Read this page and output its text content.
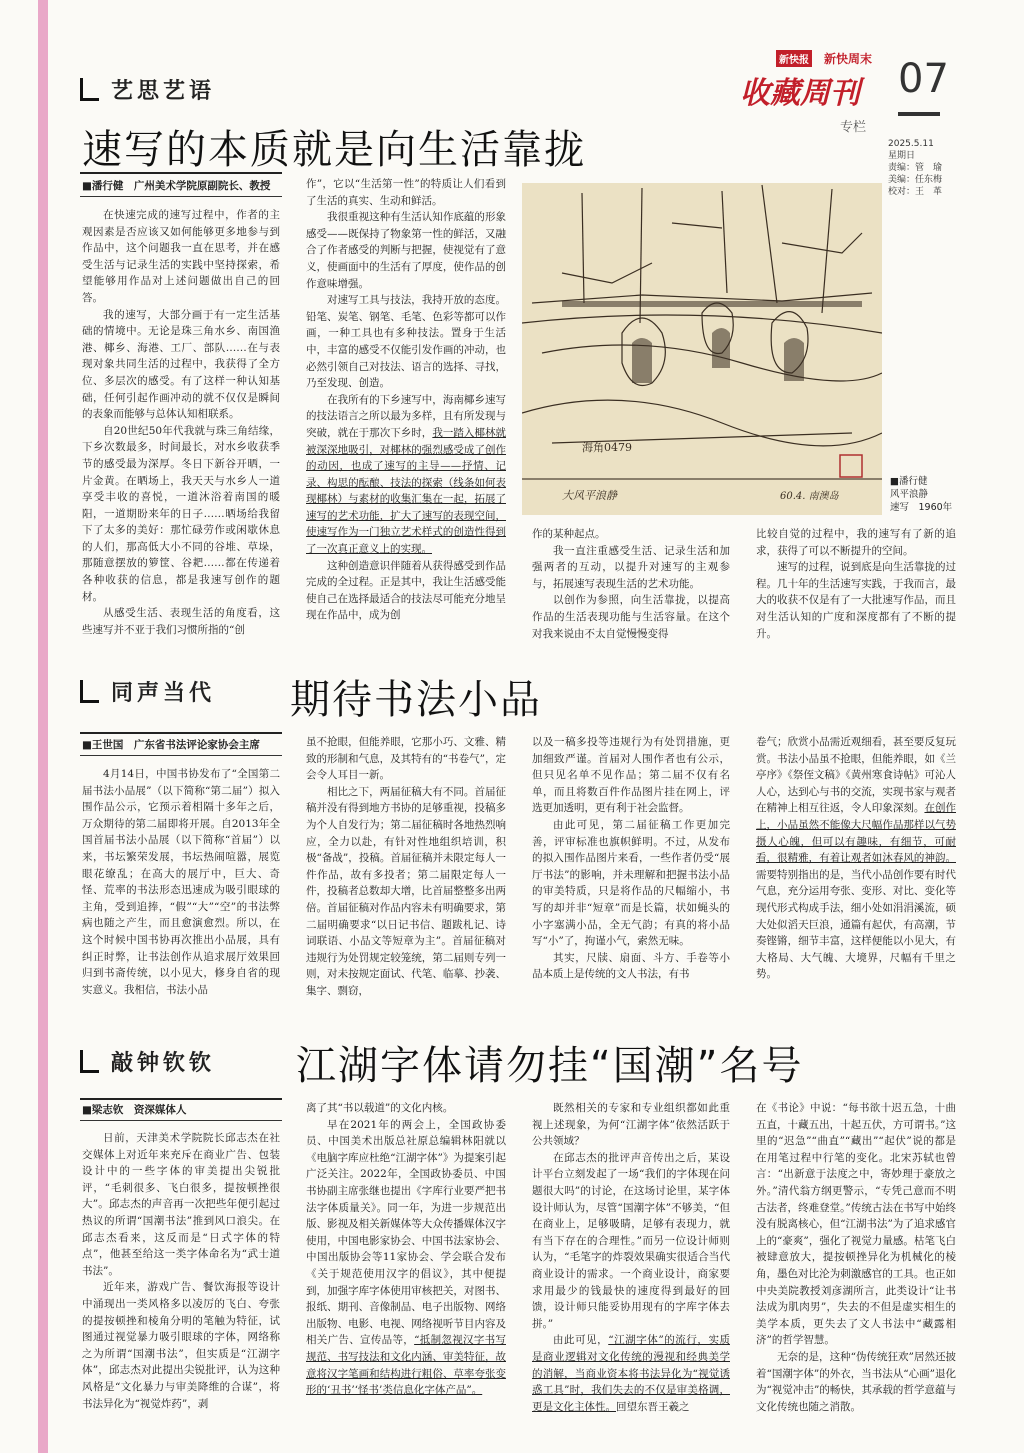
新快报 新快周末
收藏周刊 07
专栏
2025.5.11
星期日
责编：管　瑜
美编：任东梅
校对：王　革
艺思艺语
速写的本质就是向生活靠拢
■潘行健　广州美术学院原副院长、教授

在快速完成的速写过程中，作者的主观因素是否应该又如何能够更多地参与到作品中，这个问题我一直在思考，并在感受生活与记录生活的实践中坚持探索，希望能够用作品对上述问题做出自己的回答。

我的速写，大部分画于有一定生活基础的情境中。无论是珠三角水乡、南国渔港、椰乡、海港、工厂、部队……在与表现对象共同生活的过程中，我获得了全方位、多层次的感受。有了这样一种认知基础，任何引起作画冲动的就不仅仅是瞬间的表象而能够与总体认知相联系。

自20世纪50年代我就与珠三角结缘，下乡次数最多，时间最长，对水乡收获季节的感受最为深厚。冬日下新谷开晒，一片金黄。在晒场上，我天天与水乡人一道享受丰收的喜悦，一道沐浴着南国的暖阳，一道期盼来年的日子……晒场给我留下了太多的美好：那忙碌劳作或闲歇休息的人们，那高低大小不同的谷堆、草垛，那随意摆放的箩筐、谷耙……都在传递着各种收获的信息，都是我速写创作的题材。

从感受生活、表现生活的角度看，这些速写并不亚于我们习惯所指的“创

作”，它以“生活第一性”的特质让人们看到了生活的真实、生动和鲜活。

我很重视这种有生活认知作底蕴的形象感受——既保持了物象第一性的鲜活，又融合了作者感受的判断与把握，使视觉有了意义，使画面中的生活有了厚度，使作品的创作意味增强。

对速写工具与技法，我持开放的态度。铅笔、炭笔、钢笔、毛笔、色彩等都可以作画，一种工具也有多种技法。置身于生活中，丰富的感受不仅能引发作画的冲动，也必然引领自己对技法、语言的选择、寻找，乃至发现、创造。

在我所有的下乡速写中，海南椰乡速写的技法语言之所以最为多样，且有所发现与突破，就在于那次下乡时，我一踏入椰林就被深深地吸引，对椰林的强烈感受成了创作的动因，也成了速写的主导——抒情、记录、构思的酝酿、技法的探索（线条如何表现椰林）与素材的收集汇集在一起，拓展了速写的艺术功能，扩大了速写的表现空间，使速写作为一门独立艺术样式的创造性得到了一次真正意义上的实现。

这种创造意识伴随着从获得感受到作品完成的全过程。正是其中，我让生活感受能使自己在选择最适合的技法尽可能充分地呈现在作品中，成为创

海角0479
大风平浪静	60.4. 南澳岛
■潘行健
风平浪静
速写　1960年

作的某种起点。

我一直注重感受生活、记录生活和加强两者的互动，以提升对速写的主观参与，拓展速写表现生活的艺术功能。

以创作为参照，向生活靠拢，以提高作品的生活表现功能与生活容量。在这个对我来说由不太自觉慢慢变得

比较自觉的过程中，我的速写有了新的追求，获得了可以不断提升的空间。

速写的过程，说到底是向生活靠拢的过程。几十年的生活速写实践，于我而言，最大的收获不仅是有了一大批速写作品，而且对生活认知的广度和深度都有了不断的提升。

同声当代 期待书法小品
■王世国　广东省书法评论家协会主席

4月14日，中国书协发布了“全国第二届书法小品展”（以下简称“第二届”）拟入围作品公示，它预示着相隔十多年之后，万众期待的第二届即将开展。自2013年全国首届书法小品展（以下简称“首届”）以来，书坛繁荣发展，书坛热闹喧嚣，展览眼花缭乱；在高大的展厅中，巨大、奇怪、荒率的书法形态迅速成为吸引眼球的主角，受到追捧，“假”“大”“空”的书法弊病也随之产生，而且愈演愈烈。所以，在这个时候中国书协再次推出小品展，具有纠正时弊，让书法创作从追求展厅效果回归到书斋传统，以小见大，修身自省的现实意义。我相信，书法小品

虽不抢眼，但能养眼，它那小巧、文雅、精致的形制和气息，及其特有的“书卷气”，定会令人耳目一新。

相比之下，两届征稿大有不同。首届征稿并没有得到地方书协的足够重视，投稿多为个人自发行为；第二届征稿时各地热烈响应，全力以赴，有针对性地组织培训，积极“备战”，投稿。首届征稿并未限定每人一件作品，故有多投者；第二届限定每人一件，投稿者总数却大增，比首届整整多出两倍。首届征稿对作品内容未有明确要求，第二届明确要求“以日记书信、题跋札记、诗词联语、小品文等短章为主”。首届征稿对违规行为处罚规定较笼统，第二届则专列一则，对未按规定面试、代笔、临摹、抄袭、集字、剽窃，

以及一稿多投等违规行为有处罚措施，更加细致严谨。首届对人围作者也有公示，但只见名单不见作品；第二届不仅有名单，而且将数百件作品图片挂在网上，评选更加透明，更有利于社会监督。

由此可见，第二届征稿工作更加完善，评审标准也旗帜鲜明。不过，从发布的拟入围作品图片来看，一些作者仍受“展厅书法”的影响，并未理解和把握书法小品的审美特质，只是将作品的尺幅缩小，书写的却并非“短章”而是长篇，状如蝇头的小字塞满小品，全无气韵；有真的将小品写“小”了，拘谨小气，索然无味。

其实，尺牍、扇面、斗方、手卷等小品本质上是传统的文人书法，有书

卷气；欣赏小品需近观细看，甚至要反复玩赏。书法小品虽不抢眼，但能养眼，如《兰亭序》《祭侄文稿》《黄州寒食诗帖》可沁人人心，达到心与书的交流，实现书家与观者在精神上相互往返，令人印象深刻。在创作上，小品虽然不能像大尺幅作品那样以气势摄人心魄，但可以有趣味，有细节，可耐看，很精雅，有着让观者如沐春风的神韵。需要特别指出的是，当代小品创作要有时代气息，充分运用夸张、变形、对比、变化等现代形式构成手法，细小处如涓涓溪流，硕大处似滔天巨浪，通篇有起伏，有高潮，节奏铿锵，细节丰富，这样便能以小见大，有大格局、大气魄、大境界，尺幅有千里之势。

敲钟钦钦 江湖字体请勿挂“国潮”名号
■梁志钦　资深媒体人

日前，天津美术学院院长邱志杰在社交媒体上对近年来充斥在商业广告、包装设计中的一些字体的审美提出尖锐批评，“毛刺很多、飞白很多，提按顿挫很大”。邱志杰的声音再一次把些年便引起过热议的所谓“国潮书法”推到风口浪尖。在邱志杰看来，这反而是“日式字体的特点”，他甚至给这一类字体命名为“武士道书法”。

近年来，游戏广告、餐饮海报等设计中涌现出一类风格多以凌厉的飞白、夸张的提按顿挫和棱角分明的笔触为特征，试图通过视觉暴力吸引眼球的字体，网络称之为所谓“国潮书法”，但实质是“江湖字体”，邱志杰对此提出尖锐批评，认为这种风格是“文化暴力与审美降维的合谋”，将书法异化为“视觉炸药”，剥

离了其“书以载道”的文化内核。

早在2021年的两会上，全国政协委员、中国美术出版总社原总编辑林阳就以《电脑字库应杜绝“江湖字体”》为提案引起广泛关注。2022年，全国政协委员、中国书协副主席张继也提出《字库行业要严把书法字体质量关》。同一年，为进一步规范出版、影视及相关新媒体等大众传播媒体汉字使用，中国电影家协会、中国书法家协会、中国出版协会等11家协会、学会联合发布《关于规范使用汉字的倡议》，其中便提到，加强字库字体使用审核把关，对图书、报纸、期刊、音像制品、电子出版物、网络出版物、电影、电视、网络视听节目内容及相关广告、宣传品等，“抵制忽视汉字书写规范、书写技法和文化内涵、审美特征，故意将汉字笔画和结构进行粗俗、草率夸张变形的‘丑书’‘怪书’类信息化字体产品”。

既然相关的专家和专业组织都如此重视上述现象，为何“江湖字体”依然活跃于公共领域？

在邱志杰的批评声音传出之后，某设计平台立刻发起了一场“我们的字体现在问题很大吗”的讨论，在这场讨论里，某字体设计师认为，尽管“国潮字体”不够美，“但在商业上，足够吸睛，足够有表现力，就有当下存在的合理性。”而另一位设计师则认为，“毛笔字的炸裂效果确实很适合当代商业设计的需求。一个商业设计，商家要求用最少的钱最快的速度得到最好的回馈，设计师只能妥协用现有的字库字体去拼。”

由此可见，“江湖字体”的流行，实质是商业逻辑对文化传统的漫视和经典美学的消解，当商业资本将书法异化为“视觉诱惑工具”时，我们失去的不仅是审美格调，更是文化主体性。回望东晋王羲之

在《书论》中说：“每书欲十迟五急，十曲五直，十藏五出，十起五伏，方可谓书。”这里的“迟急”“曲直”“藏出”“起伏”说的都是在用笔过程中行笔的变化。北宋苏轼也曾言：“出新意于法度之中，寄妙理于豪放之外。”清代翁方纲更警示，“专凭己意而不明古法者，终难登堂。”传统古法在书写中始终没有脱离核心，但“江湖书法”为了追求感官上的“豪爽”，强化了视觉力量感。枯笔飞白被肆意放大，提按顿挫异化为机械化的棱角，墨色对比沦为刺激感官的工具。也正如中央美院教授刘彦湖所言，此类设计“让书法成为肌肉男”，失去的不但是虚实相生的美学本质，更失去了文人书法中“藏露相济”的哲学智慧。

无奈的是，这种“伪传统狂欢”居然还披着“国潮字体”的外衣，当书法从“心画”退化为“视觉冲击”的畅快，其承载的哲学意蕴与文化传统也随之消散。
